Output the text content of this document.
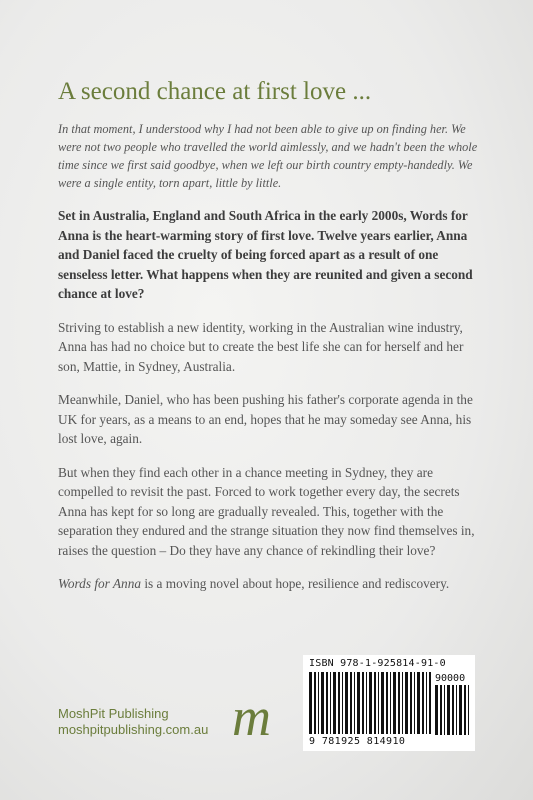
A second chance at first love ...

In that moment, I understood why I had not been able to give up on finding her. We were not two people who travelled the world aimlessly, and we hadn't been the whole time since we first said goodbye, when we left our birth country empty-handedly. We were a single entity, torn apart, little by little.

Set in Australia, England and South Africa in the early 2000s, Words for Anna is the heart-warming story of first love. Twelve years earlier, Anna and Daniel faced the cruelty of being forced apart as a result of one senseless letter. What happens when they are reunited and given a second chance at love?

Striving to establish a new identity, working in the Australian wine industry, Anna has had no choice but to create the best life she can for herself and her son, Mattie, in Sydney, Australia.

Meanwhile, Daniel, who has been pushing his father's corporate agenda in the UK for years, as a means to an end, hopes that he may someday see Anna, his lost love, again.

But when they find each other in a chance meeting in Sydney, they are compelled to revisit the past. Forced to work together every day, the secrets Anna has kept for so long are gradually revealed. This, together with the separation they endured and the strange situation they now find themselves in, raises the question – Do they have any chance of rekindling their love?

Words for Anna is a moving novel about hope, resilience and rediscovery.

MoshPit Publishing
moshpitpublishing.com.au m
ISBN 978-1-925814-91-0
90000
9 781925 814910
